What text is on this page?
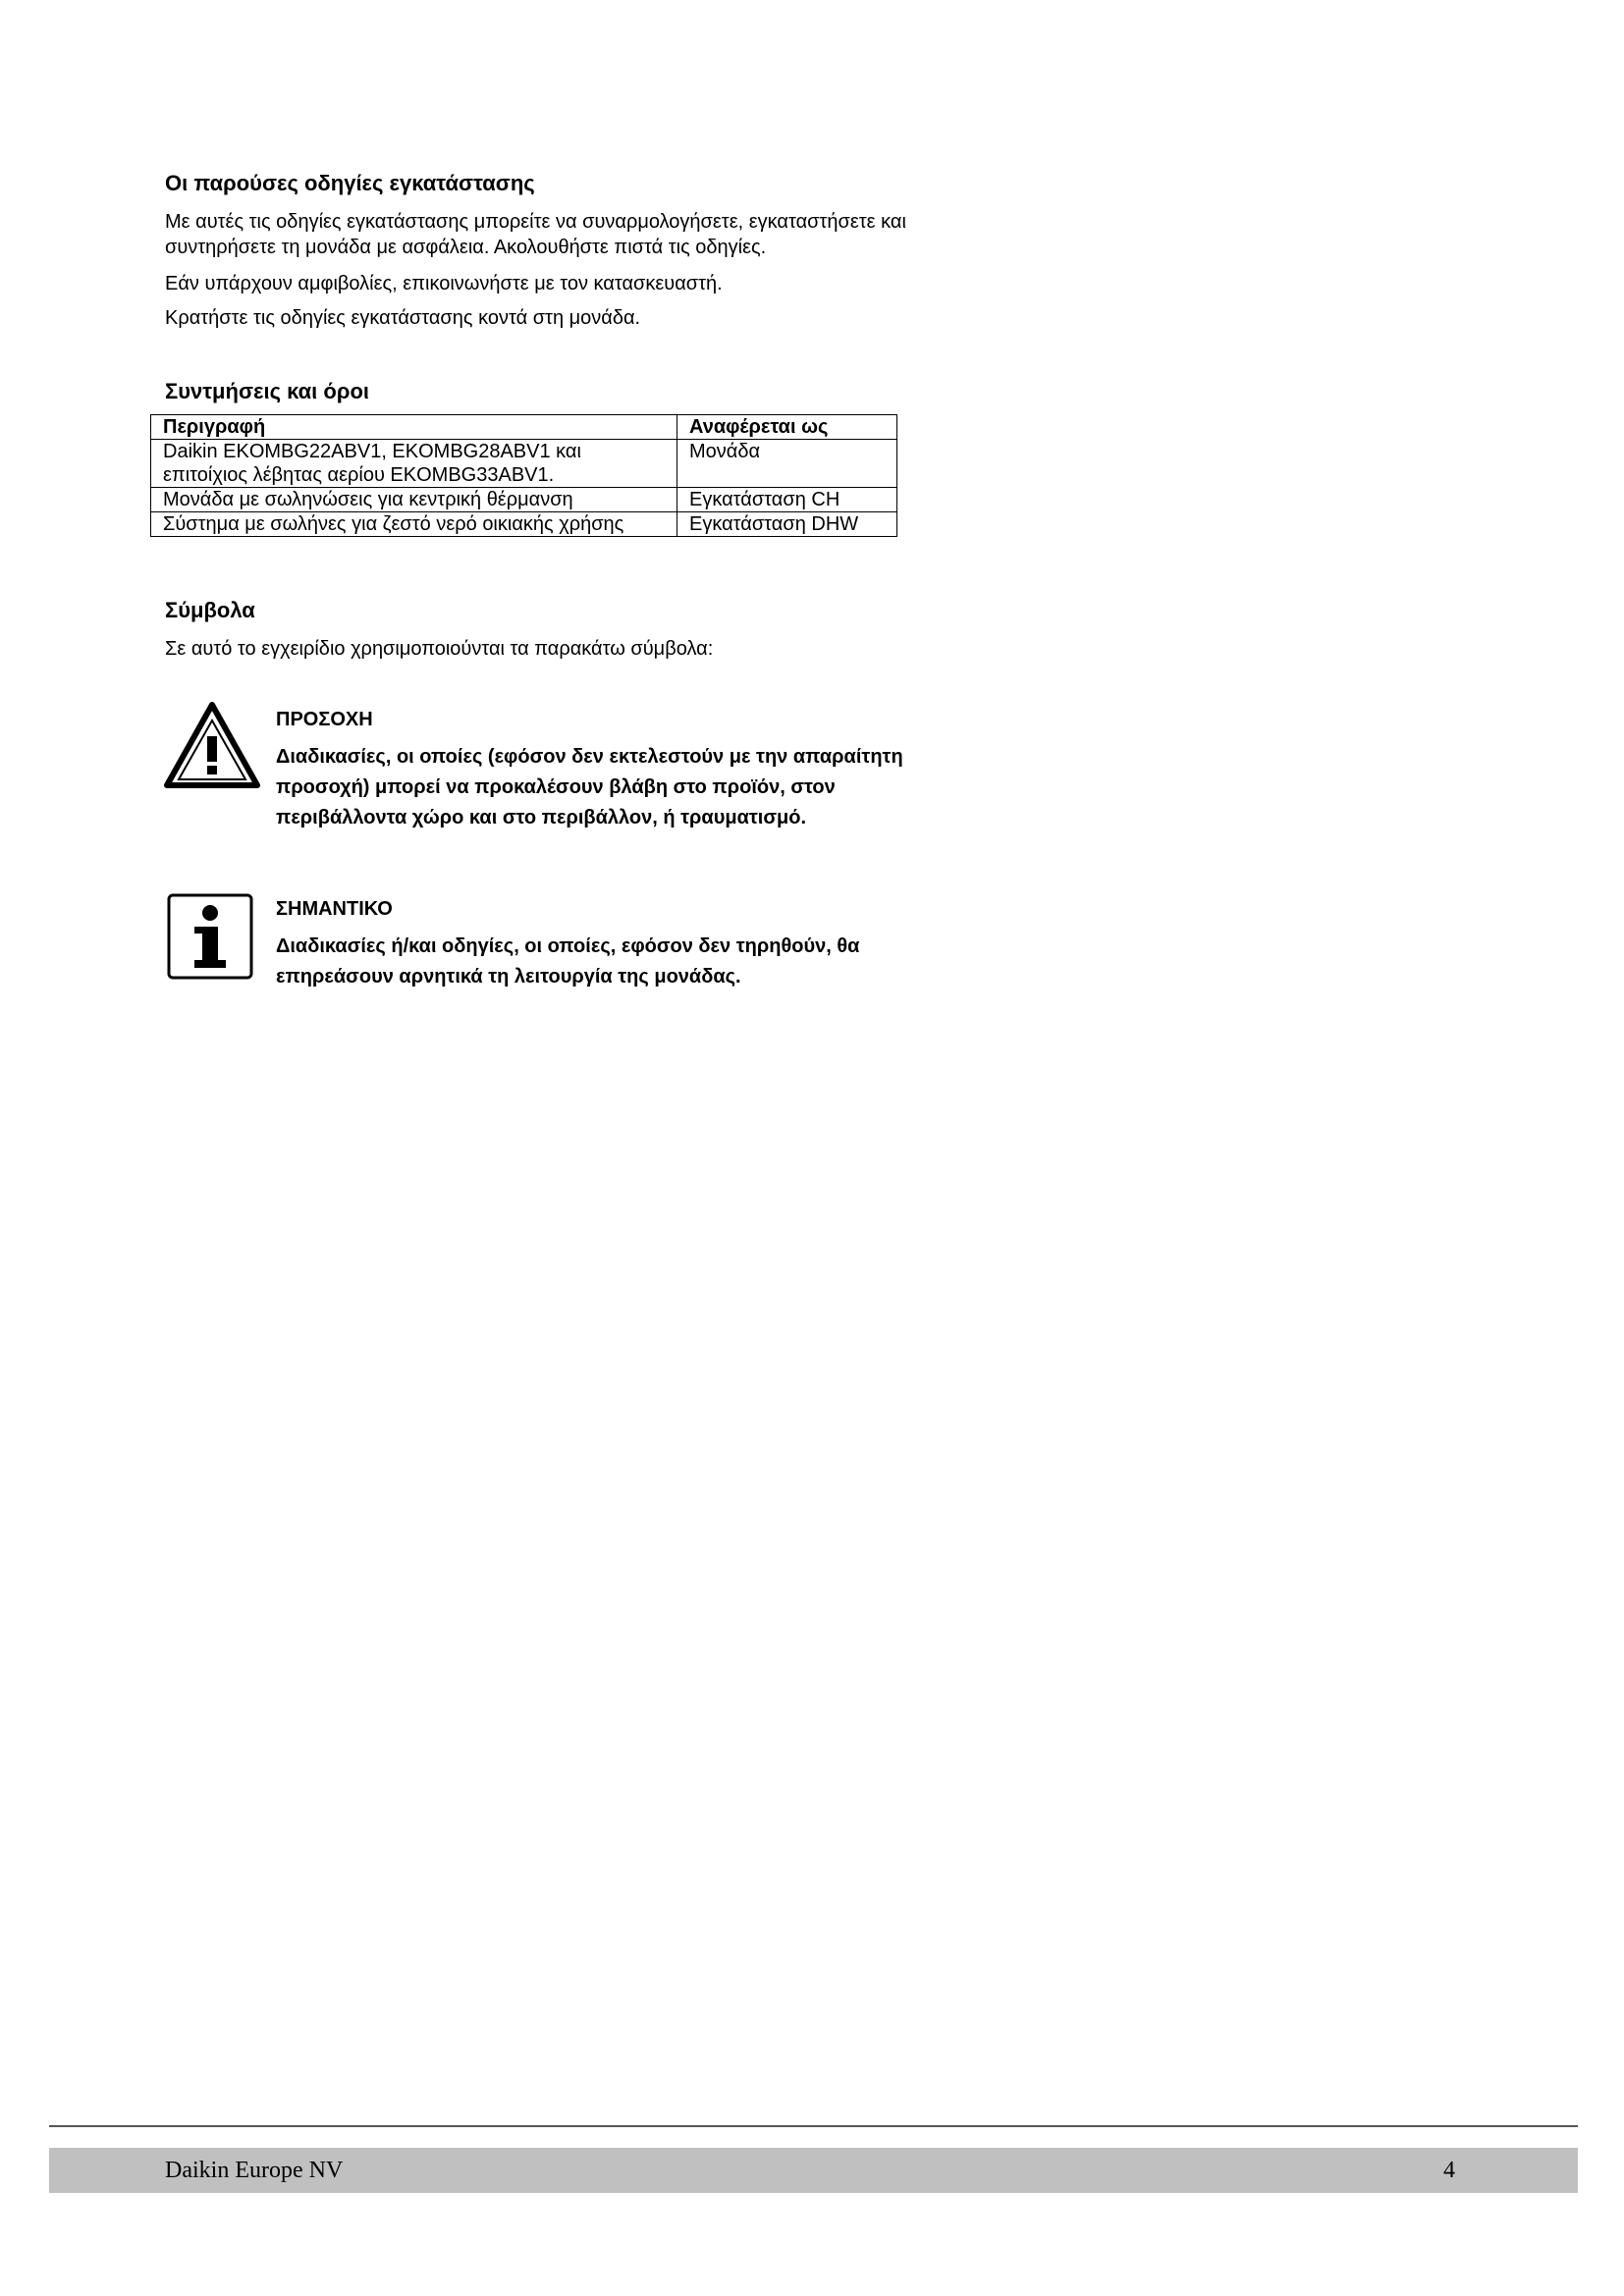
Οι παρούσες οδηγίες εγκατάστασης
Με αυτές τις οδηγίες εγκατάστασης μπορείτε να συναρμολογήσετε, εγκαταστήσετε και συντηρήσετε τη μονάδα με ασφάλεια. Ακολουθήστε πιστά τις οδηγίες.
Εάν υπάρχουν αμφιβολίες, επικοινωνήστε με τον κατασκευαστή.
Κρατήστε τις οδηγίες εγκατάστασης κοντά στη μονάδα.
Συντμήσεις και όροι
Περιγραφή	Αναφέρεται ως
Daikin EKOMBG22ABV1, EKOMBG28ABV1 και επιτοίχιος λέβητας αερίου EKOMBG33ABV1.	Μονάδα
Μονάδα με σωληνώσεις για κεντρική θέρμανση	Εγκατάσταση CH
Σύστημα με σωλήνες για ζεστό νερό οικιακής χρήσης	Εγκατάσταση DHW
Σύμβολα
Σε αυτό το εγχειρίδιο χρησιμοποιούνται τα παρακάτω σύμβολα:
ΠΡΟΣΟΧΗ
Διαδικασίες, οι οποίες (εφόσον δεν εκτελεστούν με την απαραίτητη προσοχή) μπορεί να προκαλέσουν βλάβη στο προϊόν, στον περιβάλλοντα χώρο και στο περιβάλλον, ή τραυματισμό.
ΣΗΜΑΝΤΙΚΟ
Διαδικασίες ή/και οδηγίες, οι οποίες, εφόσον δεν τηρηθούν, θα επηρεάσουν αρνητικά τη λειτουργία της μονάδας.
Daikin Europe NV	4
